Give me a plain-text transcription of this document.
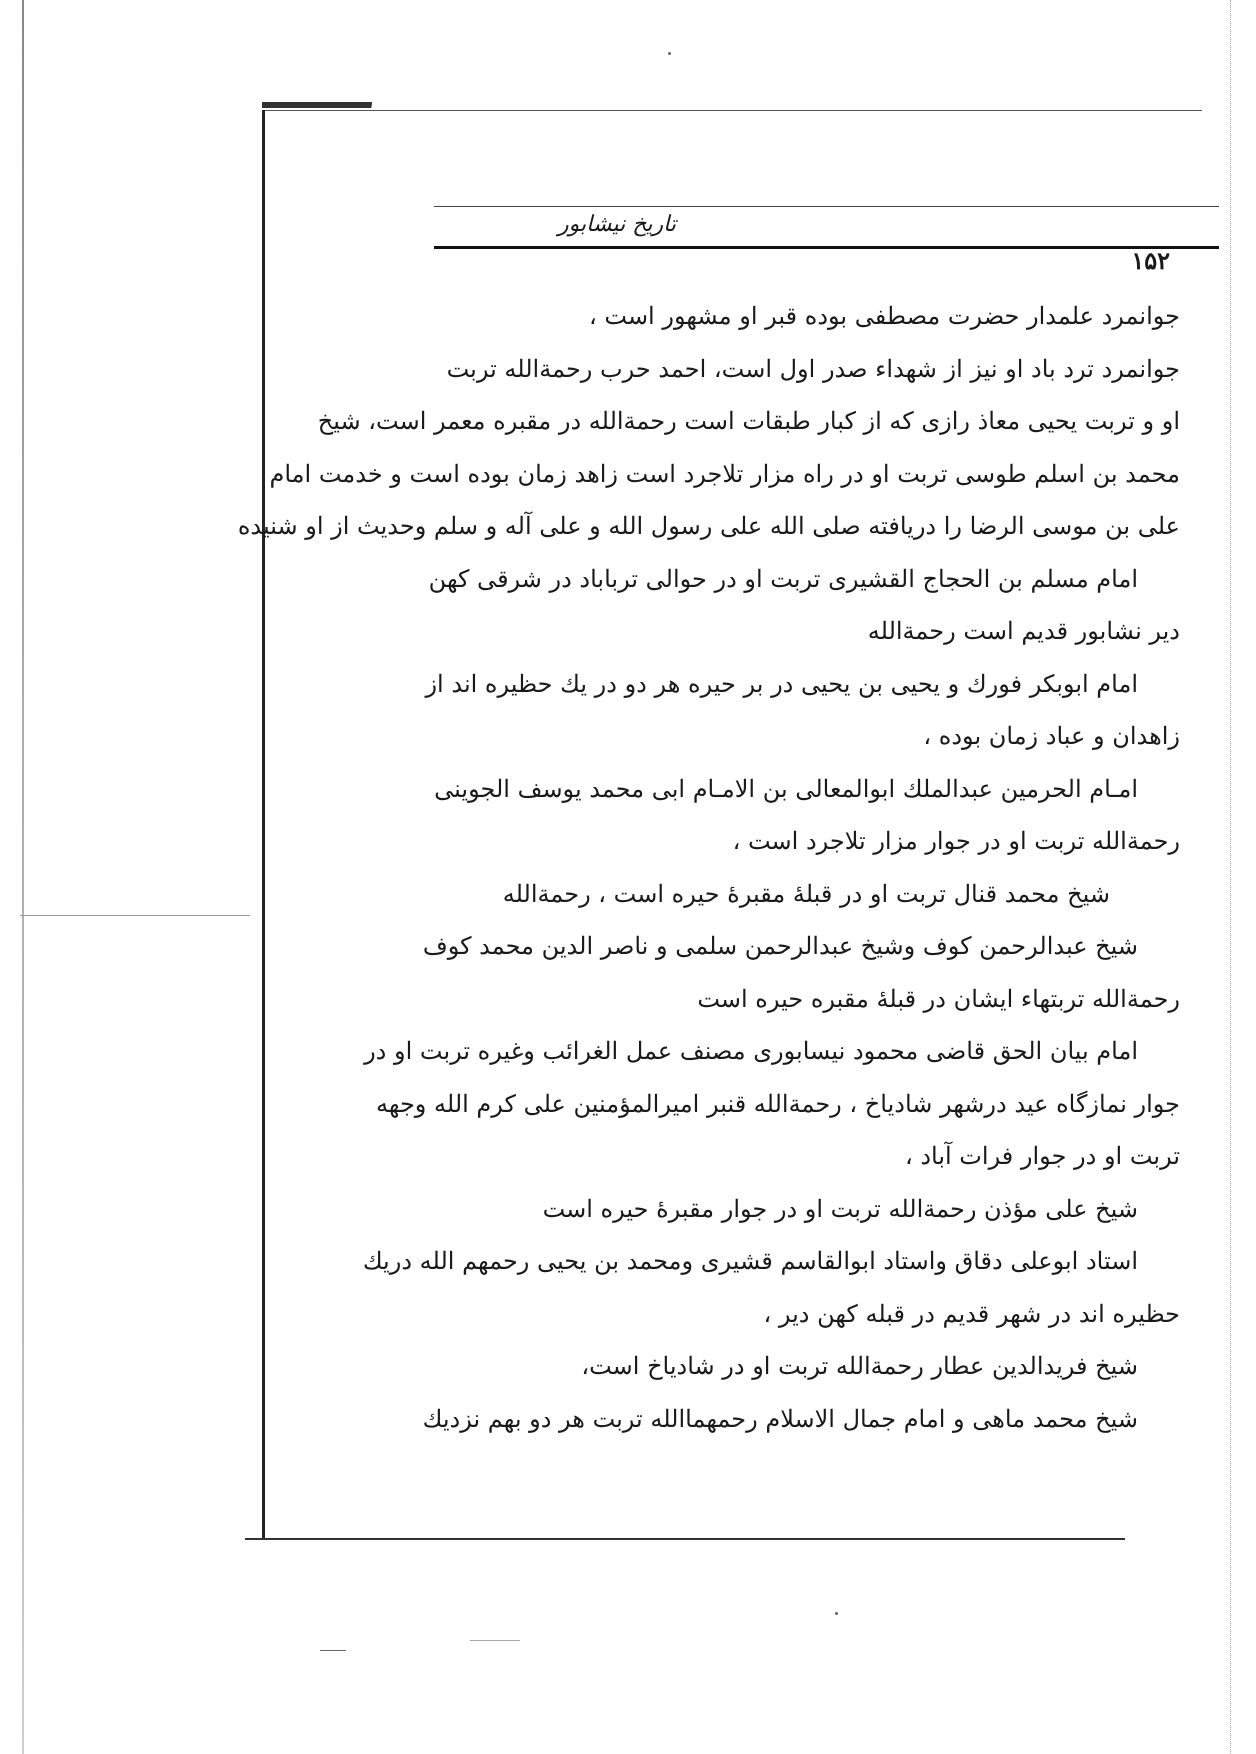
تاریخ نیشابور
۱۵۲
جوانمرد علمدار حضرت مصطفی بوده قبر او مشهور است ،
جوانمرد ترد باد او نیز از شهداء صدر اول است، احمد حرب رحمةالله تربت
او و تربت یحیی معاذ رازی که از کبار طبقات است رحمةالله در مقبره معمر است، شیخ
محمد بن اسلم طوسی تربت او در راه مزار تلاجرد است زاهد زمان بوده است و خدمت امام
علی بن موسی الرضا را دریافته صلی الله علی رسول الله و علی آله و سلم وحدیث از او شنیده
امام مسلم بن الحجاج القشیری تربت او در حوالی ترباباد در شرقی کهن
دیر نشابور قدیم است رحمةالله
امام ابوبکر فورك و یحیی بن یحیی در بر حیره هر دو در یك حظیره اند از
زاهدان و عباد زمان بوده ،
امـام الحرمین عبدالملك ابوالمعالی بن الامـام ابی محمد یوسف الجوینی
رحمةالله تربت او در جوار مزار تلاجرد است ،
شیخ محمد قنال تربت او در قبلهٔ مقبرهٔ حیره است ، رحمةالله
شیخ عبدالرحمن کوف وشیخ عبدالرحمن سلمی و ناصر الدین محمد کوف
رحمةالله تربتهاء ایشان در قبلهٔ مقبره حیره است
امام بیان الحق قاضی محمود نیسابوری مصنف عمل الغرائب وغیره تربت او در
جوار نمازگاه عید درشهر شادیاخ ، رحمةالله قنبر امیرالمؤمنین علی کرم الله وجهه
تربت او در جوار فرات آباد ،
شیخ علی مؤذن رحمةالله تربت او در جوار مقبرهٔ حیره است
استاد ابوعلی دقاق واستاد ابوالقاسم قشیری ومحمد بن یحیی رحمهم الله دریك
حظیره اند در شهر قدیم در قبله کهن دیر ،
شیخ فریدالدین عطار رحمةالله تربت او در شادیاخ است،
شیخ محمد ماهی و امام جمال الاسلام رحمهماالله تربت هر دو بهم نزدیك
